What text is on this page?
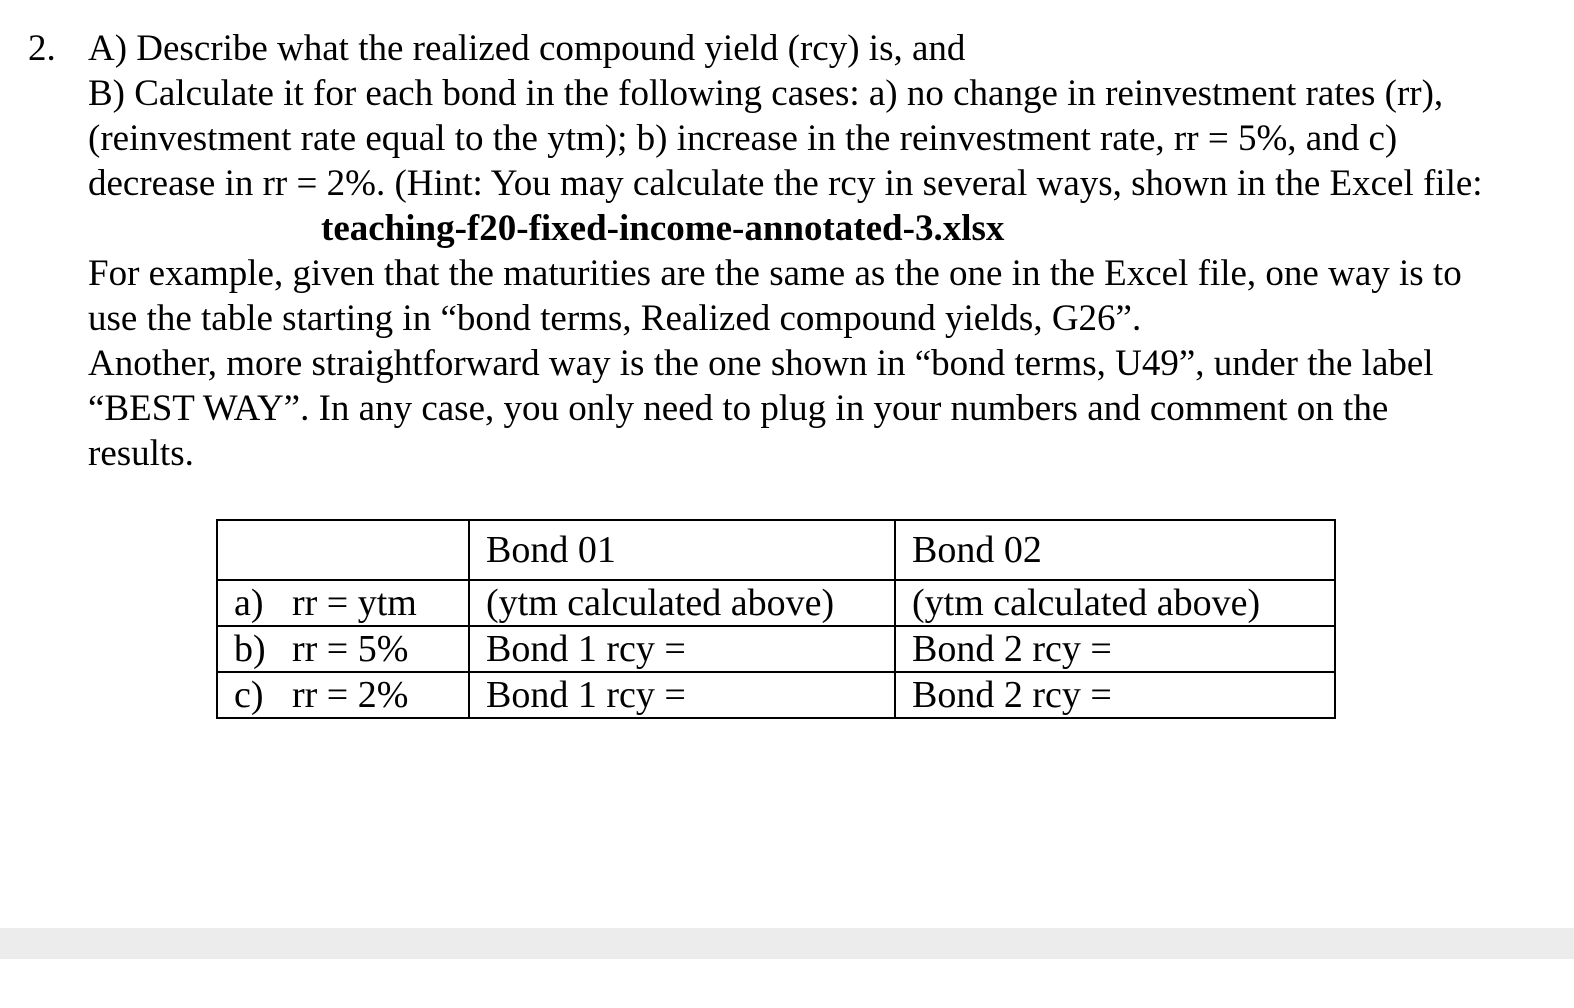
2. A) Describe what the realized compound yield (rcy) is, and
B) Calculate it for each bond in the following cases: a) no change in reinvestment rates (rr),
(reinvestment rate equal to the ytm); b) increase in the reinvestment rate, rr = 5%, and c)
decrease in rr = 2%. (Hint: You may calculate the rcy in several ways, shown in the Excel file:
teaching-f20-fixed-income-annotated-3.xlsx
For example, given that the maturities are the same as the one in the Excel file, one way is to
use the table starting in “bond terms, Realized compound yields, G26”.
Another, more straightforward way is the one shown in “bond terms, U49”, under the label
“BEST WAY”. In any case, you only need to plug in your numbers and comment on the
results.
	Bond 01	Bond 02
a) rr = ytm	(ytm calculated above)	(ytm calculated above)
b) rr = 5%	Bond 1 rcy =	Bond 2 rcy =
c) rr = 2%	Bond 1 rcy =	Bond 2 rcy =
